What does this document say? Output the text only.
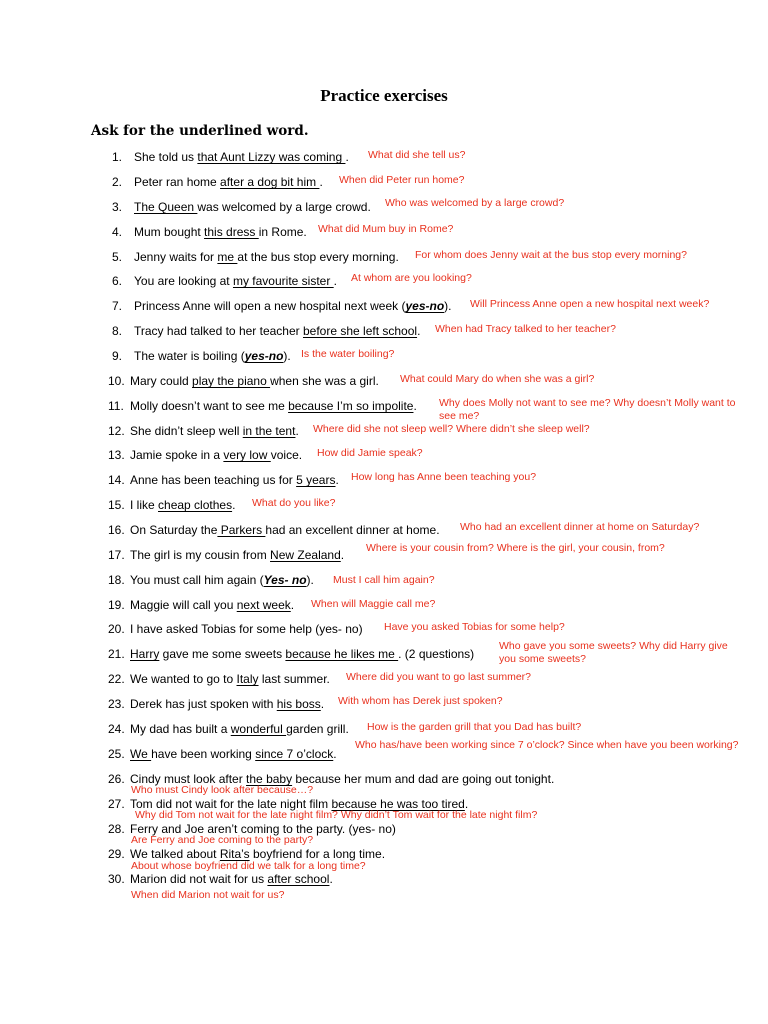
Practice exercises
Ask for the underlined word.
1. She told us that Aunt Lizzy was coming . What did she tell us?
2. Peter ran home after a dog bit him . When did Peter run home?
3. The Queen was welcomed by a large crowd. Who was welcomed by a large crowd?
4. Mum bought this dress in Rome. What did Mum buy in Rome?
5. Jenny waits for me at the bus stop every morning. For whom does Jenny wait at the bus stop every morning?
6. You are looking at my favourite sister . At whom are you looking?
7. Princess Anne will open a new hospital next week (yes-no). Will Princess Anne open a new hospital next week?
8. Tracy had talked to her teacher before she left school. When had Tracy talked to her teacher?
9. The water is boiling (yes-no). Is the water boiling?
10. Mary could play the piano when she was a girl. What could Mary do when she was a girl?
11. Molly doesn’t want to see me because I’m so impolite. Why does Molly not want to see me? Why doesn’t Molly want to see me?
12. She didn’t sleep well in the tent. Where did she not sleep well? Where didn’t she sleep well?
13. Jamie spoke in a very low voice. How did Jamie speak?
14. Anne has been teaching us for 5 years. How long has Anne been teaching you?
15. I like cheap clothes. What do you like?
16. On Saturday the Parkers had an excellent dinner at home. Who had an excellent dinner at home on Saturday?
17. The girl is my cousin from New Zealand. Where is your cousin from? Where is the girl, your cousin, from?
18. You must call him again (Yes- no). Must I call him again?
19. Maggie will call you next week. When will Maggie call me?
20. I have asked Tobias for some help (yes- no) Have you asked Tobias for some help?
21. Harry gave me some sweets because he likes me . (2 questions)
Who gave you some sweets? Why did Harry give you some sweets?
22. We wanted to go to Italy last summer. Where did you want to go last summer?
23. Derek has just spoken with his boss. With whom has Derek just spoken?
24. My dad has built a wonderful garden grill. How is the garden grill that you Dad has built?
25. We have been working since 7 o’clock.
Who has/have been working since 7 o’clock? Since when have you been working?
26. Cindy must look after the baby because her mum and dad are going out tonight.
Who must Cindy look after because…?
27. Tom did not wait for the late night film because he was too tired.
Why did Tom not wait for the late night film? Why didn’t Tom wait for the late night film?
28. Ferry and Joe aren’t coming to the party. (yes- no)
Are Ferry and Joe coming to the party?
29. We talked about Rita’s boyfriend for a long time.
About whose boyfriend did we talk for a long time?
30. Marion did not wait for us after school.
When did Marion not wait for us?
